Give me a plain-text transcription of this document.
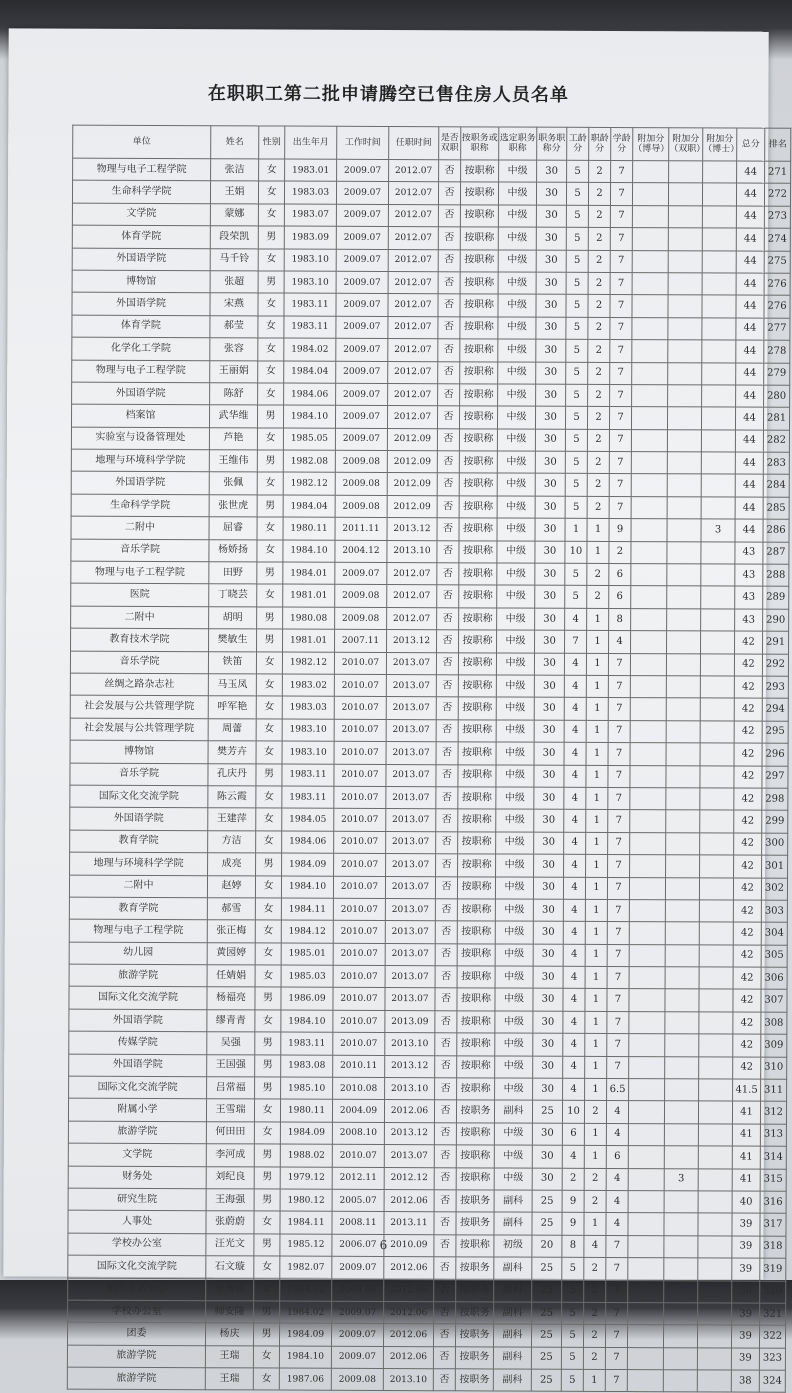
在职职工第二批申请腾空已售住房人员名单
单位	姓名	性别	出生年月	工作时间	任职时间	是否双职	按职务或职称	选定职务职称	职务职称分	工龄分	职龄分	学龄分	附加分（博导）	附加分（双职）	附加分（博士）	总分	排名
物理与电子工程学院	张洁	女	1983.01	2009.07	2012.07	否	按职称	中级	30	5	2	7				44	271
生命科学学院	王娟	女	1983.03	2009.07	2012.07	否	按职称	中级	30	5	2	7				44	272
文学院	蒙娜	女	1983.07	2009.07	2012.07	否	按职称	中级	30	5	2	7				44	273
体育学院	段荣凯	男	1983.09	2009.07	2012.07	否	按职称	中级	30	5	2	7				44	274
外国语学院	马千铃	女	1983.10	2009.07	2012.07	否	按职称	中级	30	5	2	7				44	275
博物馆	张超	男	1983.10	2009.07	2012.07	否	按职称	中级	30	5	2	7				44	276
外国语学院	宋燕	女	1983.11	2009.07	2012.07	否	按职称	中级	30	5	2	7				44	276
体育学院	郝莹	女	1983.11	2009.07	2012.07	否	按职称	中级	30	5	2	7				44	277
化学化工学院	张容	女	1984.02	2009.07	2012.07	否	按职称	中级	30	5	2	7				44	278
物理与电子工程学院	王丽娟	女	1984.04	2009.07	2012.07	否	按职称	中级	30	5	2	7				44	279
外国语学院	陈舒	女	1984.06	2009.07	2012.07	否	按职称	中级	30	5	2	7				44	280
档案馆	武华维	男	1984.10	2009.07	2012.07	否	按职称	中级	30	5	2	7				44	281
实验室与设备管理处	芦艳	女	1985.05	2009.07	2012.09	否	按职称	中级	30	5	2	7				44	282
地理与环境科学学院	王维伟	男	1982.08	2009.08	2012.09	否	按职称	中级	30	5	2	7				44	283
外国语学院	张佩	女	1982.12	2009.08	2012.09	否	按职称	中级	30	5	2	7				44	284
生命科学学院	张世虎	男	1984.04	2009.08	2012.09	否	按职称	中级	30	5	2	7				44	285
二附中	屈睿	女	1980.11	2011.11	2013.12	否	按职称	中级	30	1	1	9			3	44	286
音乐学院	杨娇扬	女	1984.10	2004.12	2013.10	否	按职称	中级	30	10	1	2				43	287
物理与电子工程学院	田野	男	1984.01	2009.07	2012.07	否	按职称	中级	30	5	2	6				43	288
医院	丁晓芸	女	1981.01	2009.08	2012.07	否	按职称	中级	30	5	2	6				43	289
二附中	胡明	男	1980.08	2009.08	2012.07	否	按职称	中级	30	4	1	8				43	290
教育技术学院	樊敏生	男	1981.01	2007.11	2013.12	否	按职称	中级	30	7	1	4				42	291
音乐学院	铁笛	女	1982.12	2010.07	2013.07	否	按职称	中级	30	4	1	7				42	292
丝绸之路杂志社	马玉凤	女	1983.02	2010.07	2013.07	否	按职称	中级	30	4	1	7				42	293
社会发展与公共管理学院	呼军艳	女	1983.03	2010.07	2013.07	否	按职称	中级	30	4	1	7				42	294
社会发展与公共管理学院	周蕾	女	1983.10	2010.07	2013.07	否	按职称	中级	30	4	1	7				42	295
博物馆	樊芳卉	女	1983.10	2010.07	2013.07	否	按职称	中级	30	4	1	7				42	296
音乐学院	孔庆丹	男	1983.11	2010.07	2013.07	否	按职称	中级	30	4	1	7				42	297
国际文化交流学院	陈云霞	女	1983.11	2010.07	2013.07	否	按职称	中级	30	4	1	7				42	298
外国语学院	王建萍	女	1984.05	2010.07	2013.07	否	按职称	中级	30	4	1	7				42	299
教育学院	方洁	女	1984.06	2010.07	2013.07	否	按职称	中级	30	4	1	7				42	300
地理与环境科学学院	成亮	男	1984.09	2010.07	2013.07	否	按职称	中级	30	4	1	7				42	301
二附中	赵婷	女	1984.10	2010.07	2013.07	否	按职称	中级	30	4	1	7				42	302
教育学院	郝雪	女	1984.11	2010.07	2013.07	否	按职称	中级	30	4	1	7				42	303
物理与电子工程学院	张正梅	女	1984.12	2010.07	2013.07	否	按职称	中级	30	4	1	7				42	304
幼儿园	黄园婷	女	1985.01	2010.07	2013.07	否	按职称	中级	30	4	1	7				42	305
旅游学院	任婧娟	女	1985.03	2010.07	2013.07	否	按职称	中级	30	4	1	7				42	306
国际文化交流学院	杨福亮	男	1986.09	2010.07	2013.07	否	按职称	中级	30	4	1	7				42	307
外国语学院	缪青青	女	1984.10	2010.07	2013.09	否	按职称	中级	30	4	1	7				42	308
传媒学院	吴强	男	1983.11	2010.07	2013.10	否	按职称	中级	30	4	1	7				42	309
外国语学院	王国强	男	1983.08	2010.11	2013.12	否	按职称	中级	30	4	1	7				42	310
国际文化交流学院	吕常福	男	1985.10	2010.08	2013.10	否	按职称	中级	30	4	1	6.5				41.5	311
附属小学	王雪瑞	女	1980.11	2004.09	2012.06	否	按职务	副科	25	10	2	4				41	312
旅游学院	何田田	女	1984.09	2008.10	2013.12	否	按职称	中级	30	6	1	4				41	313
文学院	李河成	男	1988.02	2010.07	2013.07	否	按职称	中级	30	4	1	6				41	314
财务处	刘纪良	男	1979.12	2012.11	2012.12	否	按职称	中级	30	2	2	4		3		41	315
研究生院	王海强	男	1980.12	2005.07	2012.06	否	按职务	副科	25	9	2	4				40	316
人事处	张蔚蔚	女	1984.11	2008.11	2013.11	否	按职务	副科	25	9	1	4				39	317
学校办公室	汪光文	男	1985.12	2006.07	2010.09	否	按职称	初级	20	8	4	7				39	318
国际文化交流学院	石文璇	女	1982.07	2009.07	2012.06	否	按职务	副科	25	5	2	7				39	319
招生考试中心	李秀丽	女	1984.02	2009.09	2012.06	否	按职务	副科	25	5	2	7				39	320
学校办公室	师安隆	男	1984.02	2009.07	2012.06	否	按职务	副科	25	5	2	7				39	321
团委	杨庆	男	1984.09	2009.07	2012.06	否	按职务	副科	25	5	2	7				39	322
旅游学院	王瑞	女	1984.10	2009.07	2012.06	否	按职务	副科	25	5	2	7				39	323
旅游学院	王瑞	女	1987.06	2009.08	2013.10	否	按职务	副科	25	5	1	7				38	324
6
